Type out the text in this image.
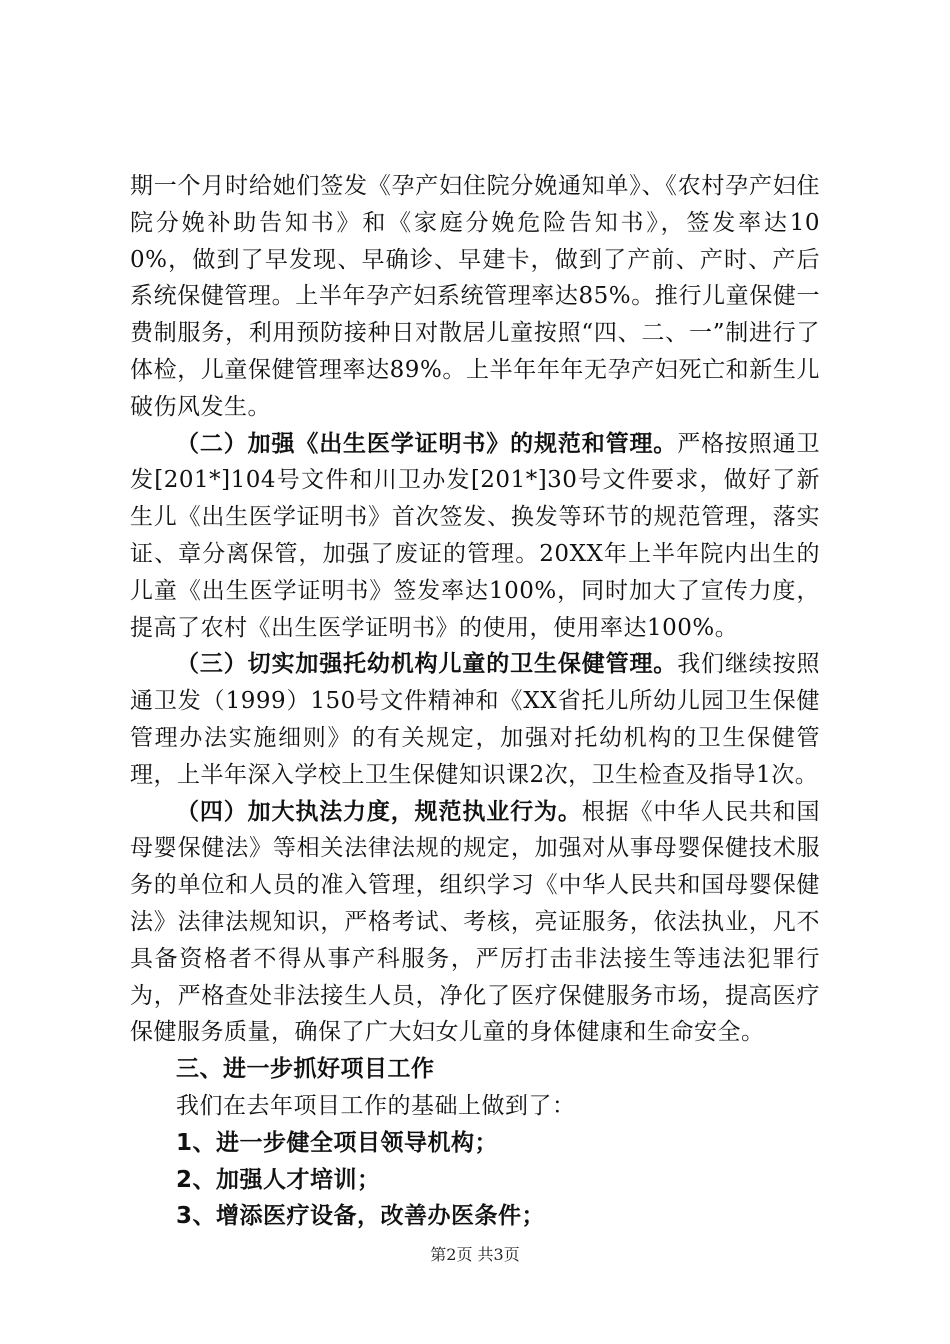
期一个月时给她们签发《孕产妇住院分娩通知单》、《农村孕产妇住院分娩补助告知书》和《家庭分娩危险告知书》，签发率达100%，做到了早发现、早确诊、早建卡，做到了产前、产时、产后系统保健管理。上半年孕产妇系统管理率达85%。推行儿童保健一费制服务，利用预防接种日对散居儿童按照“四、二、一”制进行了体检，儿童保健管理率达89%。上半年年年无孕产妇死亡和新生儿破伤风发生。

（二）加强《出生医学证明书》的规范和管理。严格按照通卫发[201*]104号文件和川卫办发[201*]30号文件要求，做好了新生儿《出生医学证明书》首次签发、换发等环节的规范管理，落实证、章分离保管，加强了废证的管理。20XX年上半年院内出生的儿童《出生医学证明书》签发率达100%，同时加大了宣传力度，提高了农村《出生医学证明书》的使用，使用率达100%。

（三）切实加强托幼机构儿童的卫生保健管理。我们继续按照通卫发（1999）150号文件精神和《XX省托儿所幼儿园卫生保健管理办法实施细则》的有关规定，加强对托幼机构的卫生保健管理，上半年深入学校上卫生保健知识课2次，卫生检查及指导1次。

（四）加大执法力度，规范执业行为。根据《中华人民共和国母婴保健法》等相关法律法规的规定，加强对从事母婴保健技术服务的单位和人员的准入管理，组织学习《中华人民共和国母婴保健法》法律法规知识，严格考试、考核，亮证服务，依法执业，凡不具备资格者不得从事产科服务，严厉打击非法接生等违法犯罪行为，严格查处非法接生人员，净化了医疗保健服务市场，提高医疗保健服务质量，确保了广大妇女儿童的身体健康和生命安全。

三、进一步抓好项目工作

我们在去年项目工作的基础上做到了：

1、进一步健全项目领导机构；

2、加强人才培训；

3、增添医疗设备，改善办医条件；

第2页 共3页
